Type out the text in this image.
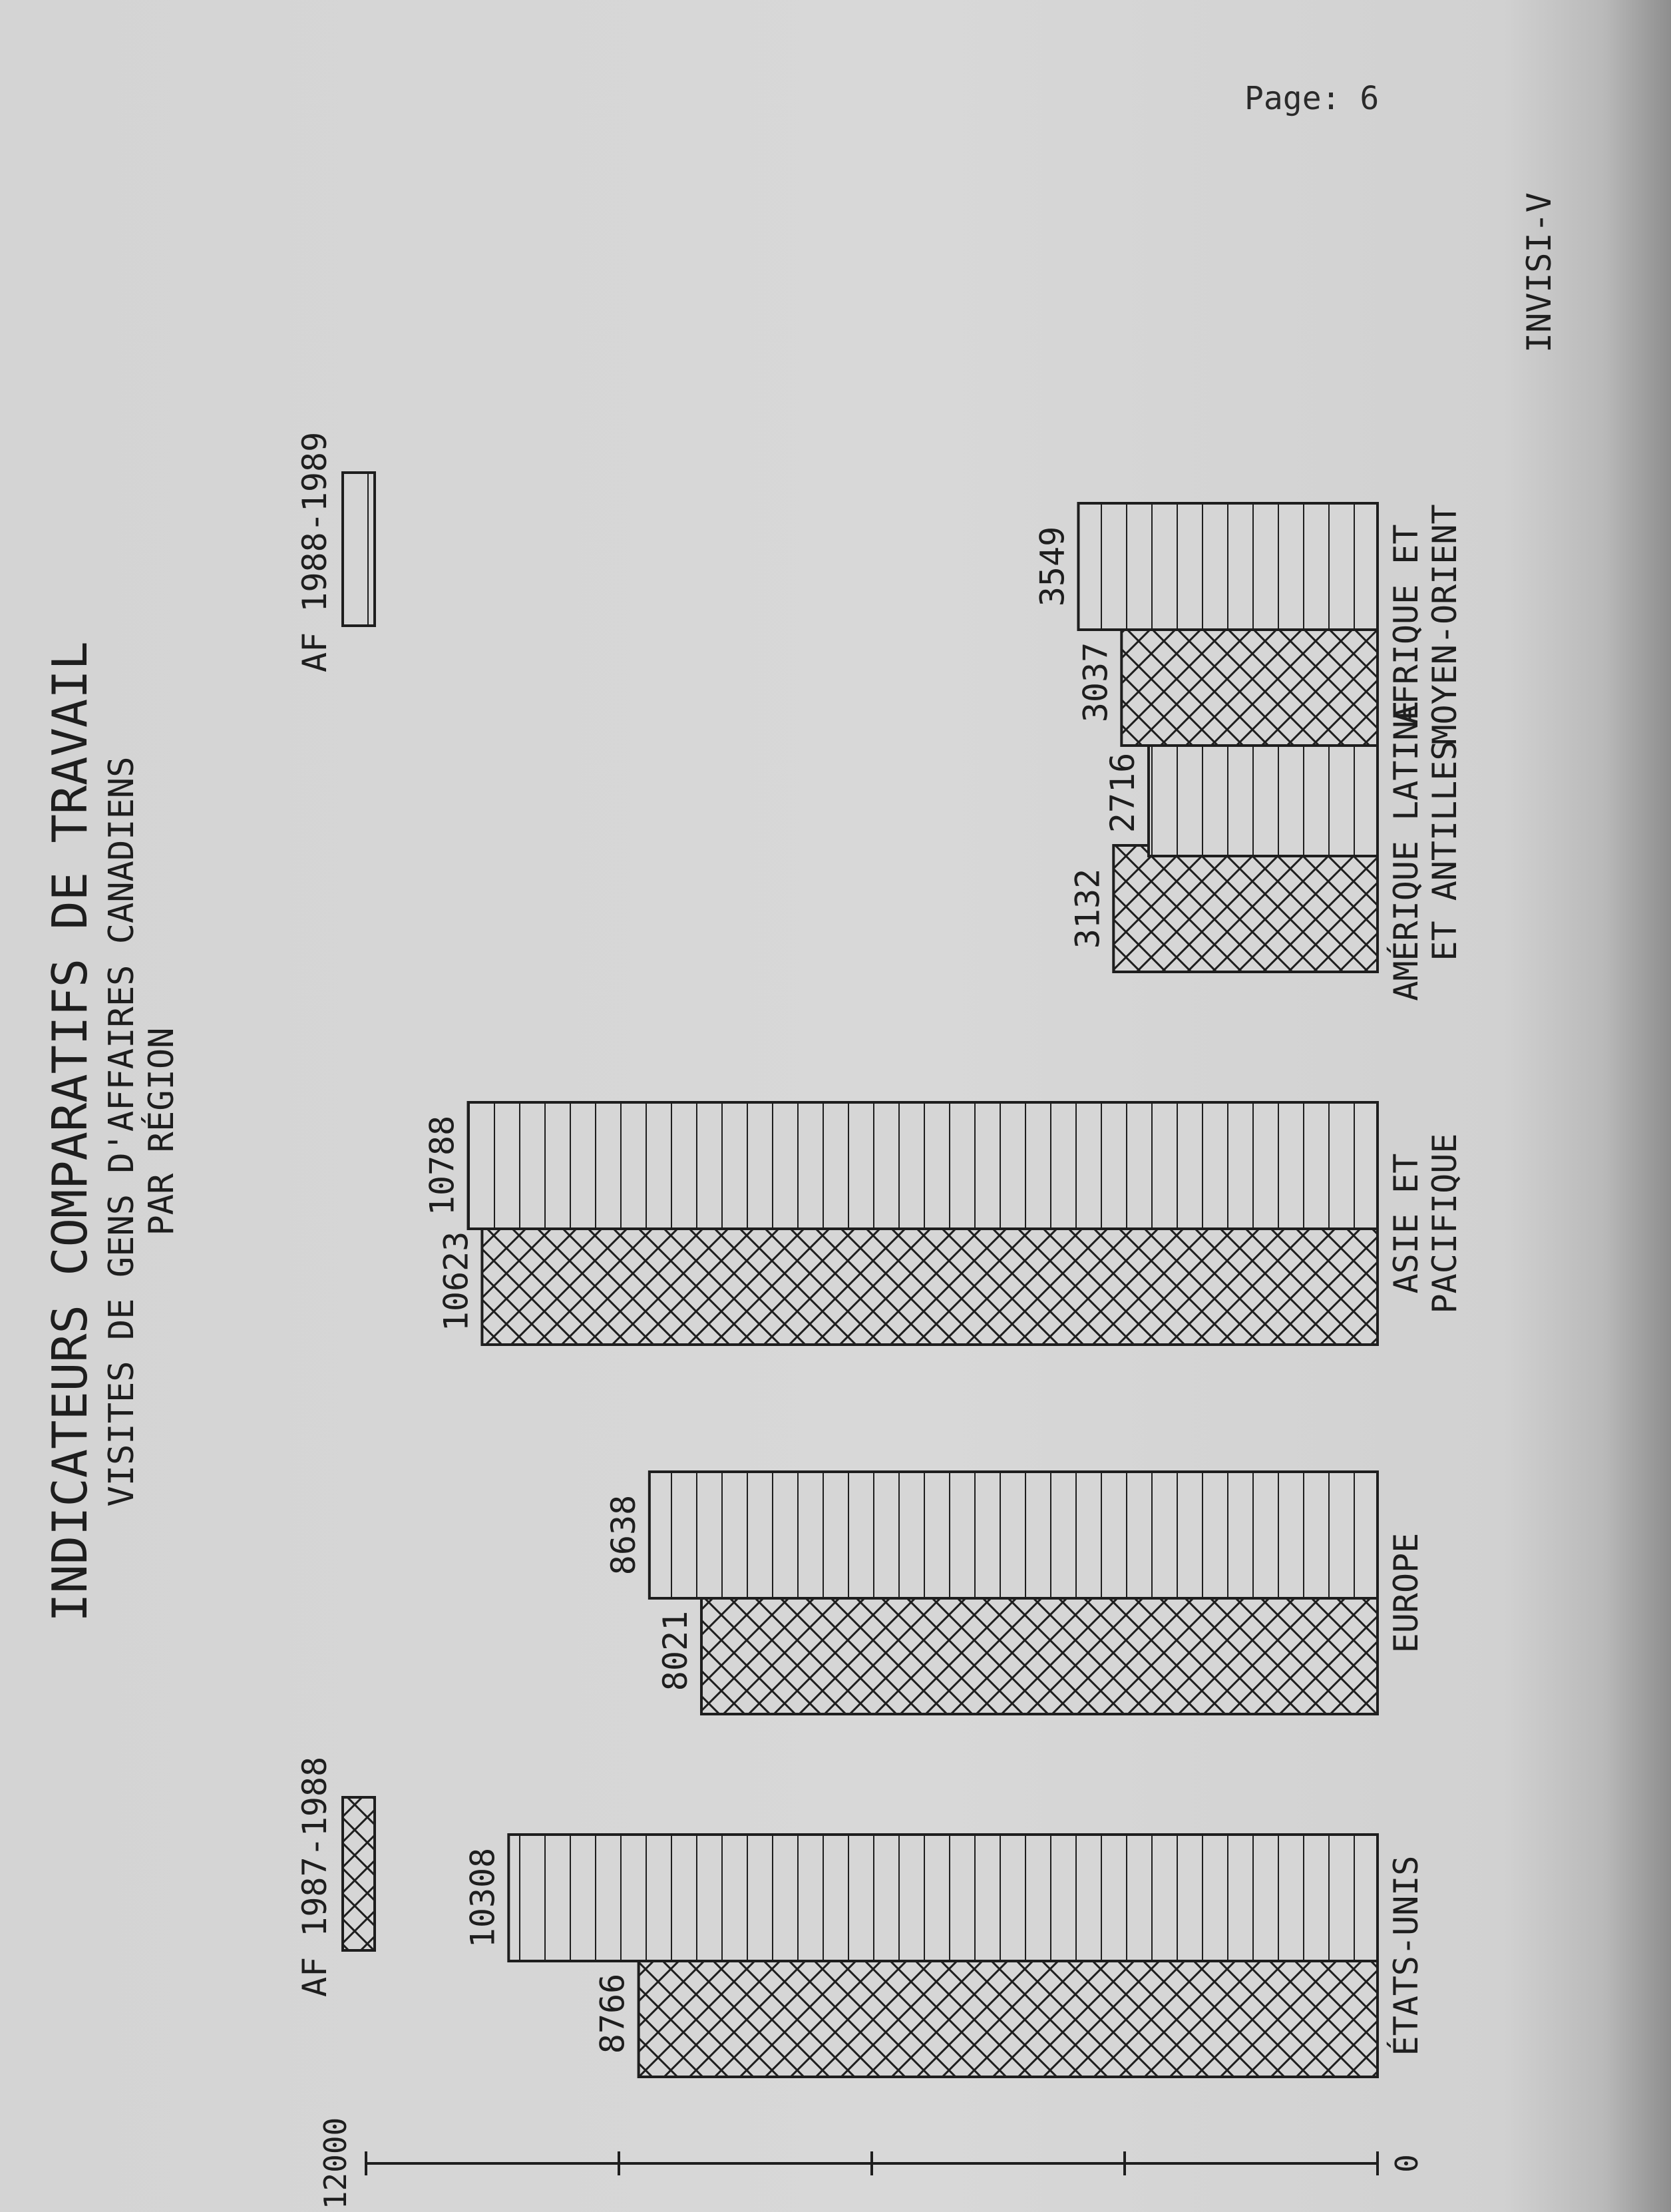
Page: 6
INDICATEURS COMPARATIFS DE TRAVAIL VISITES DE GENS D'AFFAIRES CANADIENS PAR RÉGION
AF 1987-1988
AF 1988-1989
0
12000
8766
10308
8021
8638
10623
10788
3132
2716
3037
3549
ÉTATS-UNIS
EUROPE
ASIE ET PACIFIQUE
AMÉRIQUE LATINE ET ANTILLES
AFRIQUE ET MOYEN-ORIENT
INVISI-V
